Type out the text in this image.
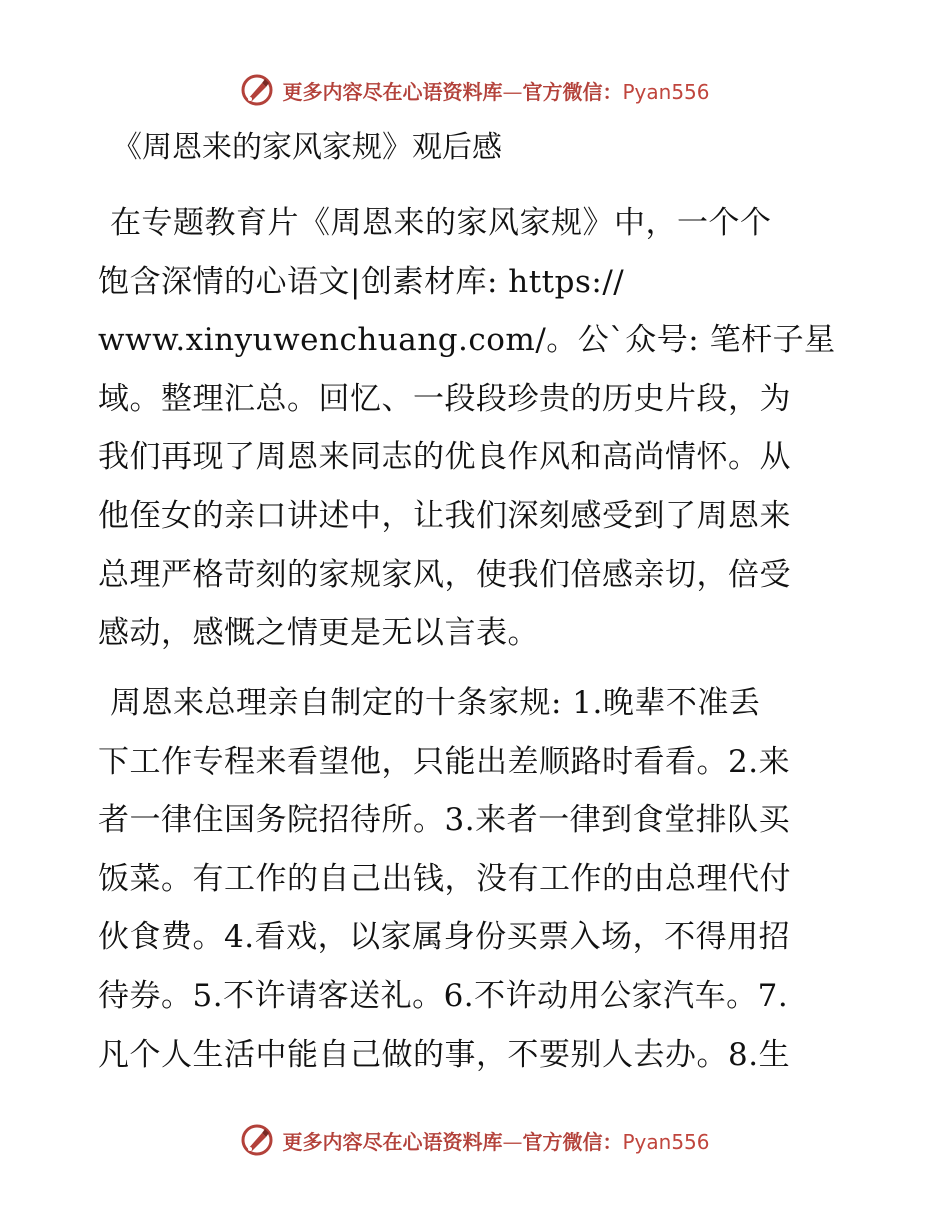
更多内容尽在心语资料库—官方微信：Pyan556
《周恩来的家风家规》观后感
在专题教育片《周恩来的家风家规》中，一个个
饱含深情的心语文|创素材库: https://
www.xinyuwenchuang.com/。公`众号: 笔杆子星
域。整理汇总。回忆、一段段珍贵的历史片段，为
我们再现了周恩来同志的优良作风和高尚情怀。从
他侄女的亲口讲述中，让我们深刻感受到了周恩来
总理严格苛刻的家规家风，使我们倍感亲切，倍受
感动，感慨之情更是无以言表。
周恩来总理亲自制定的十条家规: 1.晚辈不准丢
下工作专程来看望他，只能出差顺路时看看。2.来
者一律住国务院招待所。3.来者一律到食堂排队买
饭菜。有工作的自己出钱，没有工作的由总理代付
伙食费。4.看戏，以家属身份买票入场，不得用招
待券。5.不许请客送礼。6.不许动用公家汽车。7.
凡个人生活中能自己做的事，不要别人去办。8.生
更多内容尽在心语资料库—官方微信：Pyan556
